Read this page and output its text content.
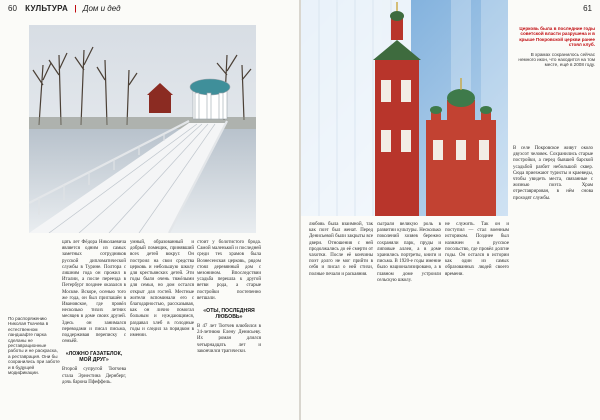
60 КУЛЬТУРА | Дом и дед
По распоряжению Николая Ткачева в естественном ландшафте парка сделаны не реставрационные работы и не раскраска, а реставрация. Они бы сохранились при заботе и в будущей модификации.
цать лет Фёдора Николаевича является одним из самых заметных сотрудников русской дипломатической службы в Турине. Полтора с лишним года он прожил в Италии, а после переезда в Петербург позднее оказался в Москве. Вскоре, осенью того же года, он был приглашён в Ивановское, где провёл несколько тихих летних месяцев в доме своих друзей. Здесь он занимался переводами и писал письма, поддерживая переписку с семьёй.
«ЛОЖНО ГАЗАТЕЛОК, МОЙ ДРУГ»
Второй супругой Тютчева стала Эрнестина Дернберг, дочь барона Пфеффель.
умный, образованный и добрый помещик, принявший всех детей вокруг. Он построил на свои средства церковь и небольшую школу для крестьянских детей. Эти годы были очень тяжёлыми для семьи, но дом остался открыт для гостей. Местные жители вспоминали его с благодарностью, рассказывая, как он лично помогал больным и нуждающимся, раздавал хлеб в голодные годы и следил за порядком в имении.
стоит у болотистого брода. Самой маленькой и последней среди тех храмов была Вознесенская церковь, рядом стоял деревянный дом с мезонином. Впоследствии усадьба перешла к другой ветви рода, а старые постройки постепенно ветшали.
«ОТЫ, ПОСЛЕДНЯЯ ЛЮБОВЬ»
В 47 лет Тютчев влюбился в 24-летнюю Елену Денисьеву. Их роман длился четырнадцать лет и закончился трагически.
61
Церковь была в последние годы советской власти разрушена и в крыше Покровской церкви ранее стоял клуб.
В храмах сохранилось сейчас немного икон, что находится на том месте, ещё в 2008 году.
любовь была взаимной, так как поэт был женат. Перед Денисьевой были закрыты все двери. Отношения с ней продолжались до её смерти от чахотки. После её кончины поэт долго не мог прийти в себя и писал о ней стихи, полные печали и раскаяния.
сыграли великую роль в развитии культуры. Несколько поколений хозяев бережно сохраняли парк, пруды и липовые аллеи, а в доме хранились портреты, книги и письма. В 1920-е годы имение было национализировано, а в главном доме устроили сельскую школу.
не служить. Так он и поступил — стал военным историком. Позднее был назначен в русское посольство, где провёл долгие годы. Он остался в истории как один из самых образованных людей своего времени.
В селе Покровское живут около двухсот человек. Сохранились старые постройки, а перед бывшей барской усадьбой разбит небольшой сквер. Сюда приезжают туристы и краеведы, чтобы увидеть места, связанные с жизнью поэта. Храм отреставрирован, в нём снова проходят службы.
